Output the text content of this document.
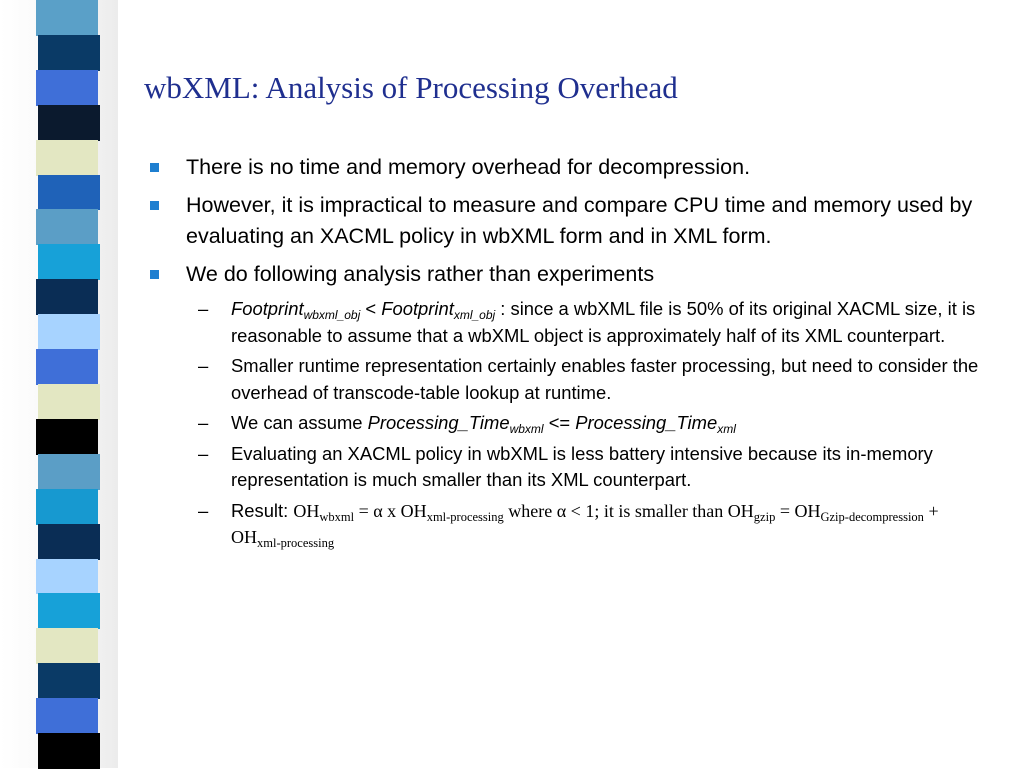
wbXML: Analysis of Processing Overhead
There is no time and memory overhead for decompression.
However, it is impractical to measure and compare CPU time and memory used by evaluating an XACML policy in wbXML form and in XML form.
We do following analysis rather than experiments
– Footprint$_{wbxml\_obj}$ < Footprint$_{xml\_obj}$ : since a wbXML file is 50% of its original XACML size, it is reasonable to assume that a wbXML object is approximately half of its XML counterpart.
– Smaller runtime representation certainly enables faster processing, but need to consider the overhead of transcode-table lookup at runtime.
– We can assume Processing_Time$_{wbxml}$ <= Processing_Time$_{xml}$
– Evaluating an XACML policy in wbXML is less battery intensive because its in-memory representation is much smaller than its XML counterpart.
– Result: $OH_{wbxml} = \alpha$ x $OH_{xml-processing}$ where α < 1; it is smaller than $OH_{gzip} = OH_{Gzip-decompression} + OH_{xml-processing}$
